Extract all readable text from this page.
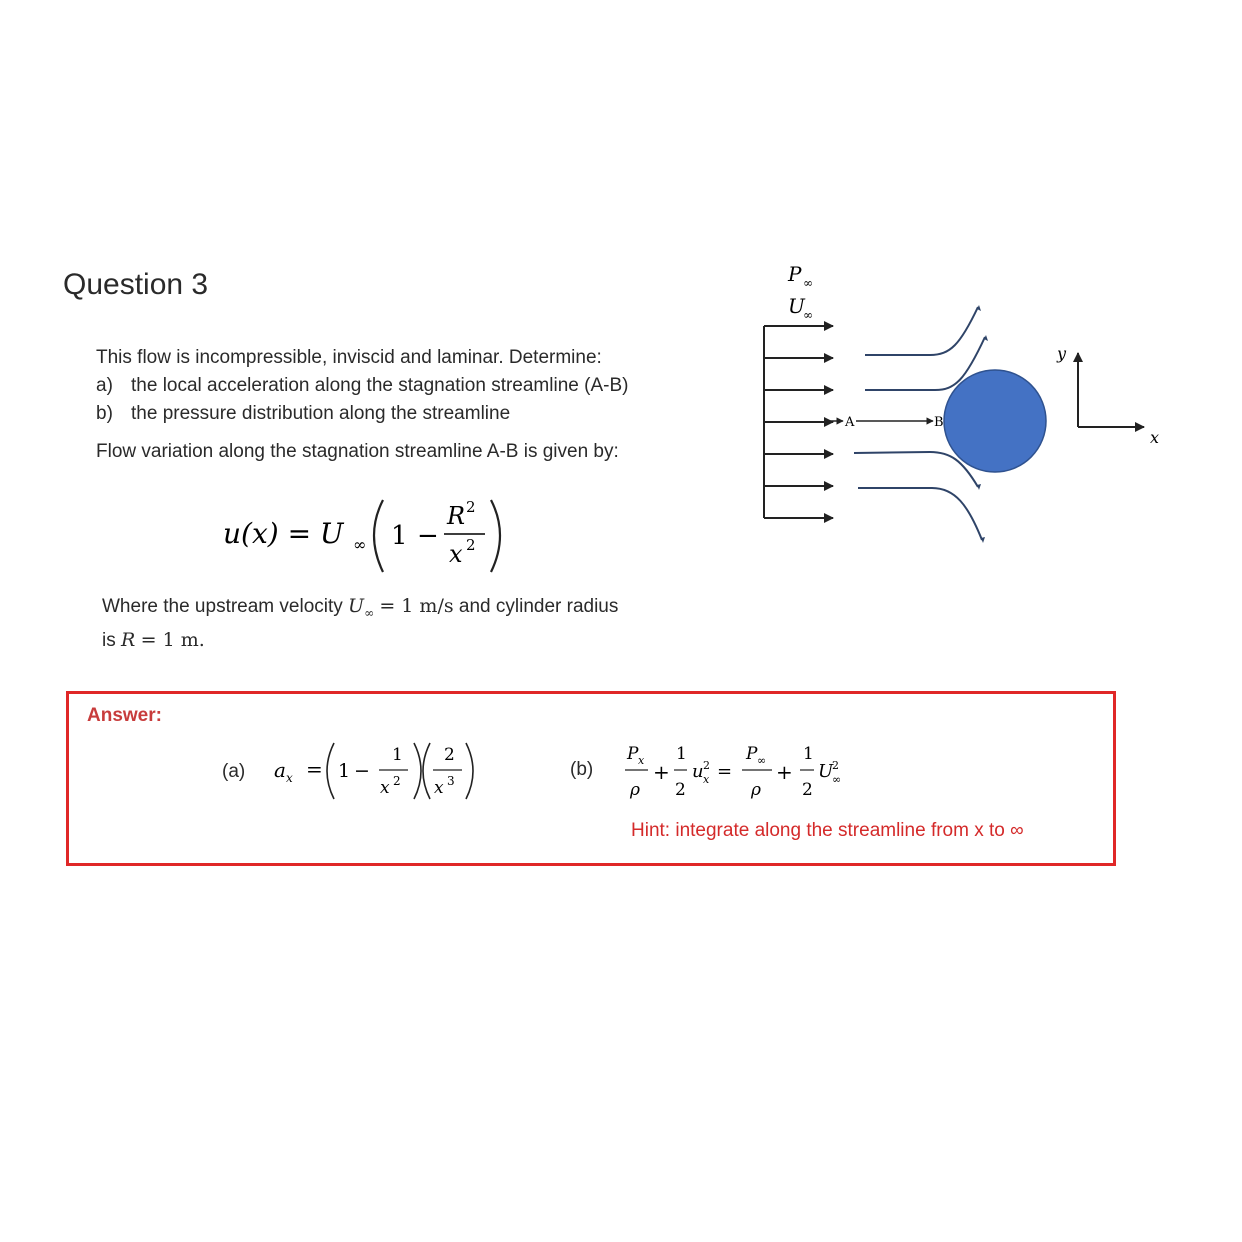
Question 3
This flow is incompressible, inviscid and laminar. Determine:
a) the local acceleration along the stagnation streamline (A-B)
b) the pressure distribution along the streamline
Flow variation along the stagnation streamline A-B is given by:
u(x) = U ∞ 1 −
R 2
x 2
Where the upstream velocity $U_\infty = 1$ m/s and cylinder radius
is R = 1 m.
P ∞
U
∞
A	B
y
x
Answer:
(a) a x = 1 −
1
x 2
2
x 3
(b)
P x
ρ
+
1
2
u 2
x =
P ∞
ρ
+
1
2
U
2
∞
Hint: integrate along the streamline from x to ∞
